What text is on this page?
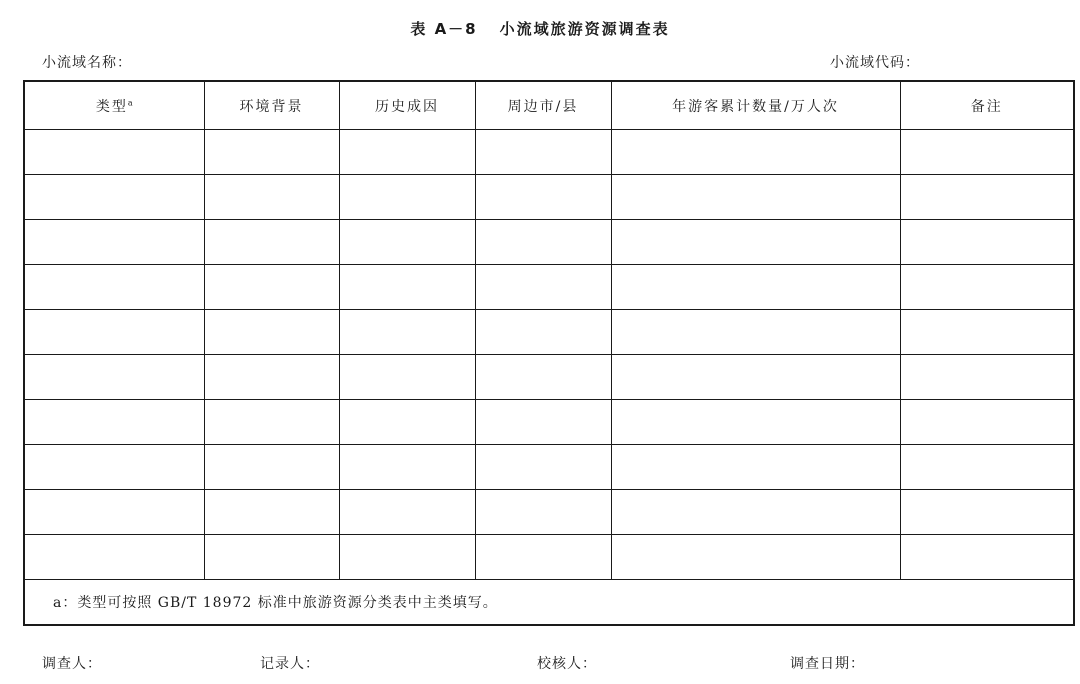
表 A－8 小流域旅游资源调查表
小流域名称：	小流域代码：
类型$^a$	环境背景	历史成因	周边市/县	年游客累计数量/万人次	备注

a：类型可按照 GB/T 18972 标准中旅游资源分类表中主类填写。					
调查人：	记录人：	校核人：	调查日期：
